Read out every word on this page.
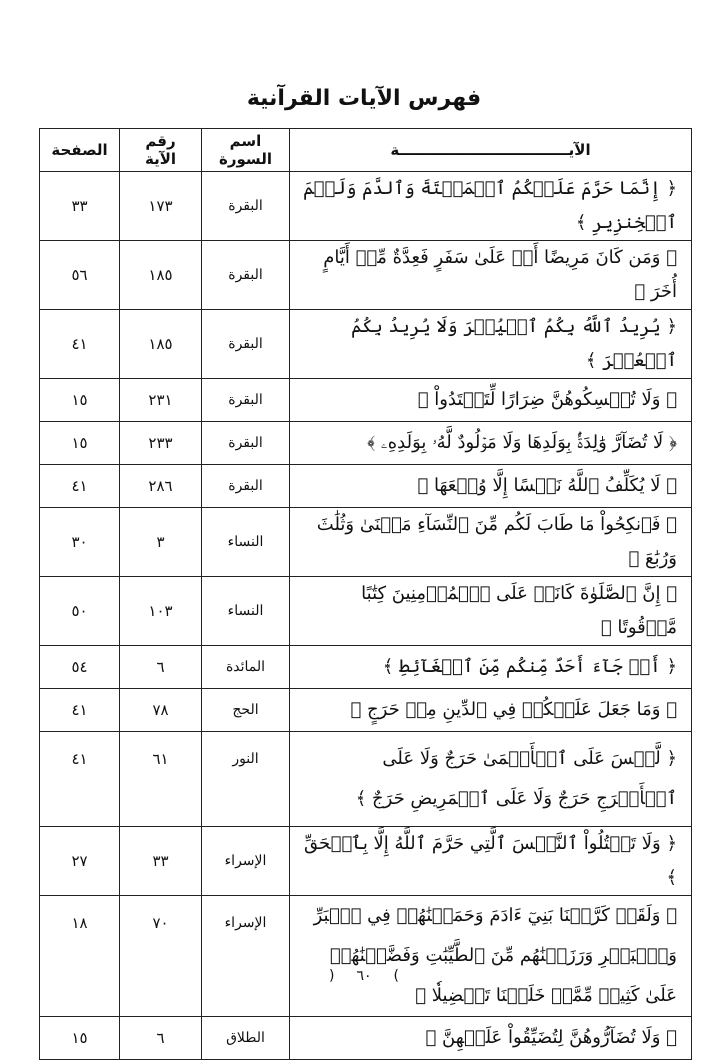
فهرس الآيات القرآنية
الآيـــــــــــــــــــــــــــــــــة	اسم السورة	رقم الآية	الصفحة
﴿ إِنَّمَا حَرَّمَ عَلَيۡكُمُ ٱلۡمَيۡتَةَ وَٱلدَّمَ وَلَحۡمَ ٱلۡخِنزِيرِ ﴾	البقرة	١٧٣	٣٣
﴿ وَمَن كَانَ مَرِيضًا أَوۡ عَلَىٰ سَفَرٍ فَعِدَّةٌ مِّنۡ أَيَّامٍ أُخَرَ ﴾	البقرة	١٨٥	٥٦
﴿ يُرِيدُ ٱللَّهُ بِكُمُ ٱلۡيُسۡرَ وَلَا يُرِيدُ بِكُمُ ٱلۡعُسۡرَ ﴾	البقرة	١٨٥	٤١
﴿ وَلَا تُمۡسِكُوهُنَّ ضِرَارًا لِّتَعۡتَدُواْ ﴾	البقرة	٢٣١	١٥
﴿ لَا تُضَآرَّ وَٰلِدَةُۢ بِوَلَدِهَا وَلَا مَوۡلُودٌ لَّهُۥ بِوَلَدِهِۦ ﴾	البقرة	٢٣٣	١٥
﴿ لَا يُكَلِّفُ ٱللَّهُ نَفۡسًا إِلَّا وُسۡعَهَا ﴾	البقرة	٢٨٦	٤١
﴿ فَٱنكِحُواْ مَا طَابَ لَكُم مِّنَ ٱلنِّسَآءِ مَثۡنَىٰ وَثُلَٰثَ وَرُبَٰعَ ﴾	النساء	٣	٣٠
﴿ إِنَّ ٱلصَّلَوٰةَ كَانَتۡ عَلَى ٱلۡمُؤۡمِنِينَ كِتَٰبًا مَّوۡقُوتًا ﴾	النساء	١٠٣	٥٠
﴿ أَوۡ جَآءَ أَحَدٌ مِّنكُم مِّنَ ٱلۡغَآئِطِ ﴾	المائدة	٦	٥٤
﴿ وَمَا جَعَلَ عَلَيۡكُمۡ فِي ٱلدِّينِ مِنۡ حَرَجٍ ﴾	الحج	٧٨	٤١
﴿ لَّيۡسَ عَلَى ٱلۡأَعۡمَىٰ حَرَجٌ وَلَا عَلَى ٱلۡأَعۡرَجِ حَرَجٌ وَلَا عَلَى ٱلۡمَرِيضِ حَرَجٌ ﴾	النور	٦١	٤١
﴿ وَلَا تَقۡتُلُواْ ٱلنَّفۡسَ ٱلَّتِي حَرَّمَ ٱللَّهُ إِلَّا بِٱلۡحَقِّ ﴾	الإسراء	٣٣	٢٧
﴿ وَلَقَدۡ كَرَّمۡنَا بَنِيٓ ءَادَمَ وَحَمَلۡنَٰهُمۡ فِي ٱلۡبَرِّ وَٱلۡبَحۡرِ وَرَزَقۡنَٰهُم مِّنَ ٱلطَّيِّبَٰتِ وَفَضَّلۡنَٰهُمۡ عَلَىٰ كَثِيرٖ مِّمَّنۡ خَلَقۡنَا تَفۡضِيلٗا ﴾	الإسراء	٧٠	١٨
﴿ وَلَا تُضَآرُّوهُنَّ لِتُضَيِّقُواْ عَلَيۡهِنَّ ﴾	الطلاق	٦	١٥
)٦٠(
